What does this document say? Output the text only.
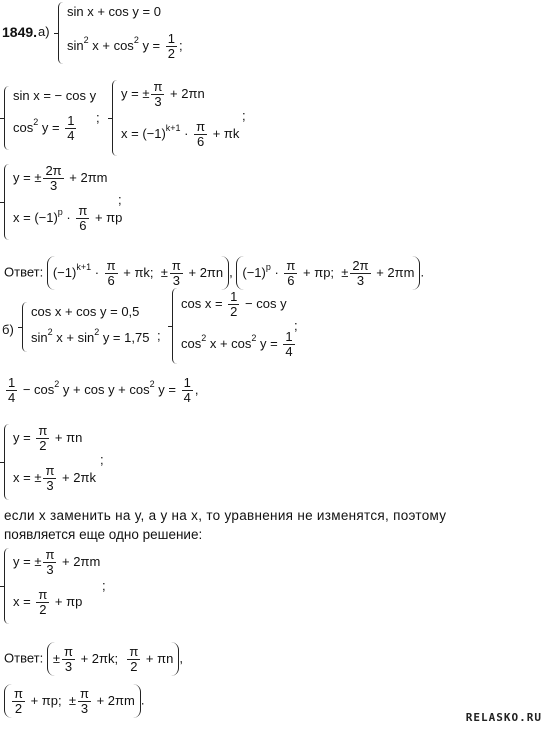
1849. а)
sin x + cos y = 0
$\sin^2 x + \cos^2 y = \frac{1}{2}$ ;
sin x = − cos y
$\cos^2 y = \frac{1}{4}$ ;
y = ± $\frac{\pi}{3} + 2\pi n$
$x = (-1)^{k+1} \cdot \frac{\pi}{6} + \pi k$
;
y = ± $\frac{2\pi}{3} + 2\pi m$
$x = (-1)^p \cdot \frac{\pi}{6} + \pi p$
;
Ответ: $(-1)^{k+1} \cdot \frac{\pi}{6} + \pi k$;  ± $\frac{\pi}{3} + 2\pi n$ , $(-1)^p \cdot \frac{\pi}{6} + \pi p$;  ± $\frac{2\pi}{3} + 2\pi m$ .
б)
cos x + cos y = 0,5
$\sin^2 x + \sin^2 y = 1,75$ ;
$\cos x = \frac{1}{2} - \cos y$
$\cos^2 x + \cos^2 y = \frac{1}{4}$
;
$\frac{1}{4} - \cos^2 y + \cos y + \cos^2 y = \frac{1}{4}$ ,
$y = \frac{\pi}{2} + \pi n$
x = ± $\frac{\pi}{3} + 2\pi k$
;
если х заменить на у, а у на х, то уравнения не изменятся, поэтому
появляется еще одно решение:
y = ± $\frac{\pi}{3} + 2\pi m$
$x = \frac{\pi}{2} + \pi p$
;
Ответ: ± $\frac{\pi}{3} + 2\pi k$; $\frac{\pi}{2} + \pi n$ ,
$\frac{\pi}{2} + \pi p$;  ± $\frac{\pi}{3} + 2\pi m$ .
RELASKO.RU
